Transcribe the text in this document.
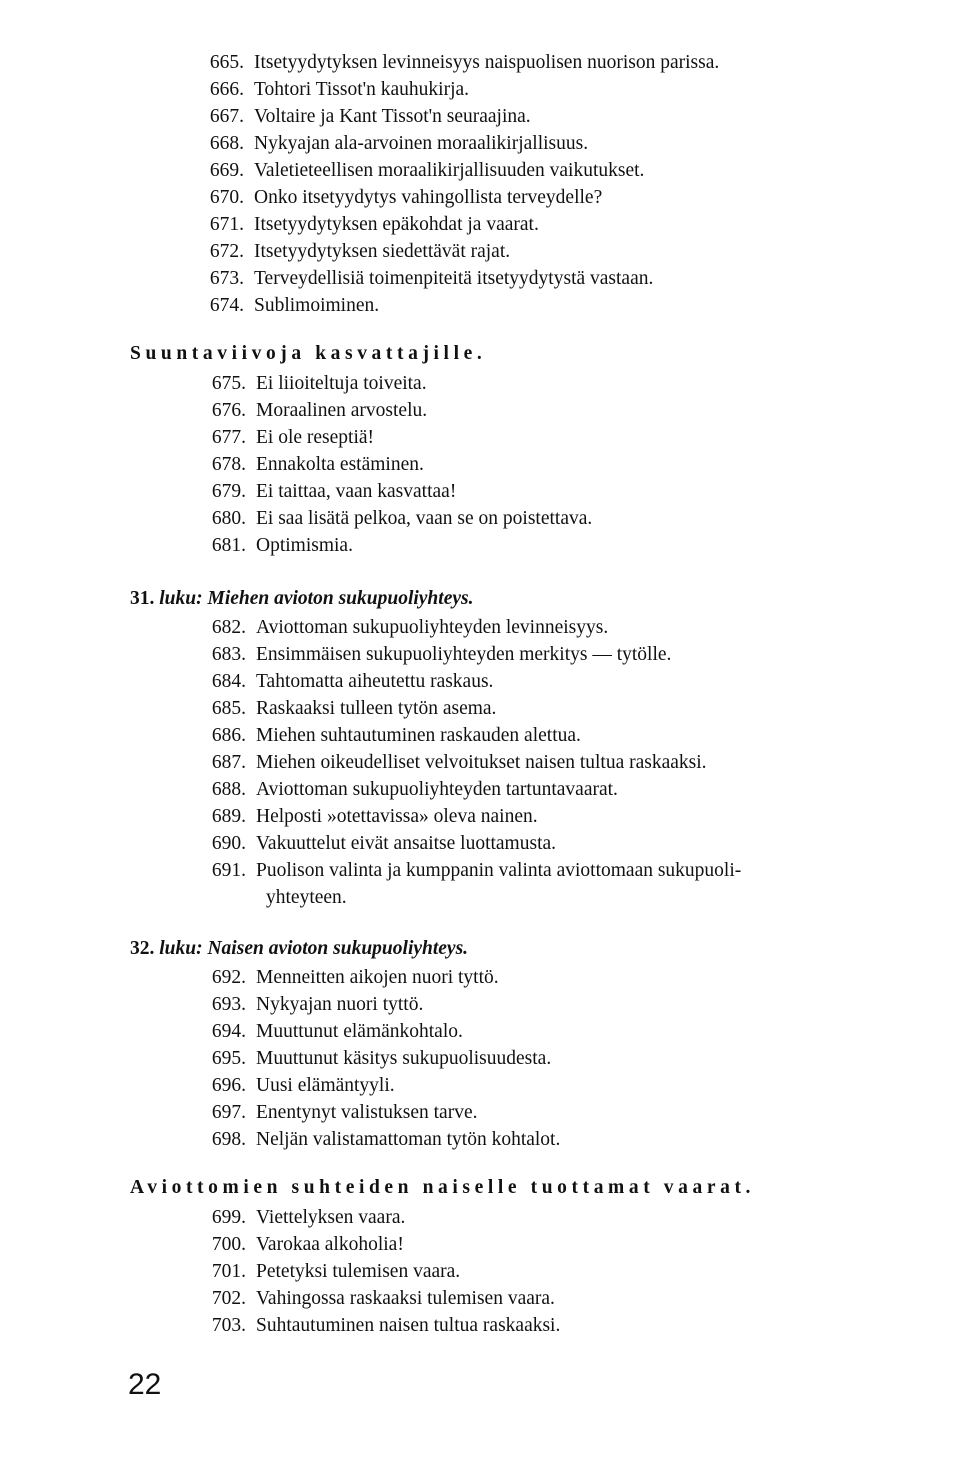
665. Itsetyydytyksen levinneisyys naispuolisen nuorison parissa.
666. Tohtori Tissot'n kauhukirja.
667. Voltaire ja Kant Tissot'n seuraajina.
668. Nykyajan ala-arvoinen moraalikirjallisuus.
669. Valetieteellisen moraalikirjallisuuden vaikutukset.
670. Onko itsetyydytys vahingollista terveydelle?
671. Itsetyydytyksen epäkohdat ja vaarat.
672. Itsetyydytyksen siedettävät rajat.
673. Terveydellisiä toimenpiteitä itsetyydytystä vastaan.
674. Sublimoiminen.
Suuntaviivoja kasvattajille.
675. Ei liioiteltuja toiveita.
676. Moraalinen arvostelu.
677. Ei ole reseptiä!
678. Ennakolta estäminen.
679. Ei taittaa, vaan kasvattaa!
680. Ei saa lisätä pelkoa, vaan se on poistettava.
681. Optimismia.
31. luku: Miehen avioton sukupuoliyhteys.
682. Aviottoman sukupuoliyhteyden levinneisyys.
683. Ensimmäisen sukupuoliyhteyden merkitys — tytölle.
684. Tahtomatta aiheutettu raskaus.
685. Raskaaksi tulleen tytön asema.
686. Miehen suhtautuminen raskauden alettua.
687. Miehen oikeudelliset velvoitukset naisen tultua raskaaksi.
688. Aviottoman sukupuoliyhteyden tartuntavaarat.
689. Helposti »otettavissa» oleva nainen.
690. Vakuuttelut eivät ansaitse luottamusta.
691. Puolison valinta ja kumppanin valinta aviottomaan sukupuoli-
yhteyteen.
32. luku: Naisen avioton sukupuoliyhteys.
692. Menneitten aikojen nuori tyttö.
693. Nykyajan nuori tyttö.
694. Muuttunut elämänkohtalo.
695. Muuttunut käsitys sukupuolisuudesta.
696. Uusi elämäntyyli.
697. Enentynyt valistuksen tarve.
698. Neljän valistamattoman tytön kohtalot.
Aviottomien suhteiden naiselle tuottamat vaarat.
699. Viettelyksen vaara.
700. Varokaa alkoholia!
701. Petetyksi tulemisen vaara.
702. Vahingossa raskaaksi tulemisen vaara.
703. Suhtautuminen naisen tultua raskaaksi.
22
